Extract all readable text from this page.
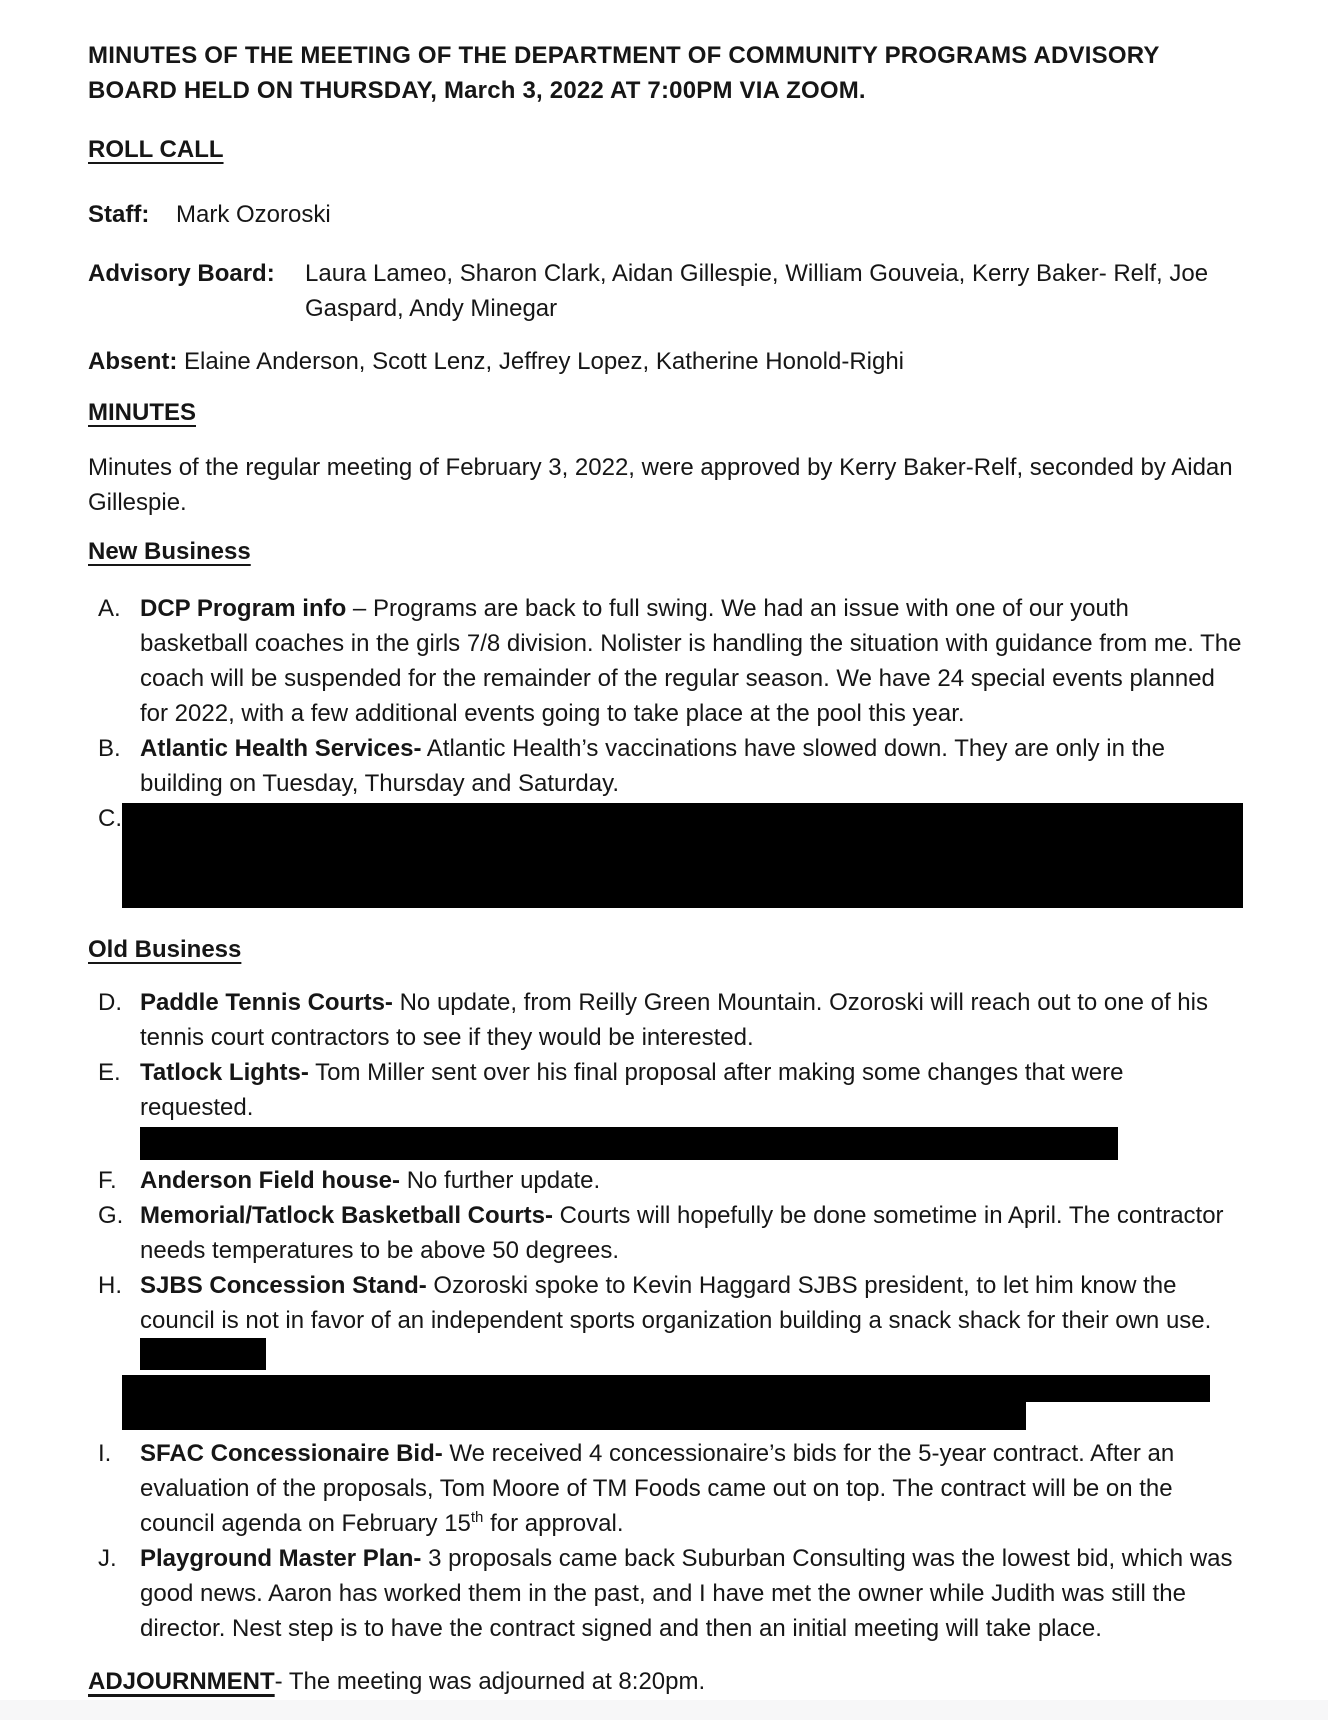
MINUTES OF THE MEETING OF THE DEPARTMENT OF COMMUNITY PROGRAMS ADVISORY BOARD HELD ON THURSDAY, March 3, 2022 AT 7:00PM VIA ZOOM.

ROLL CALL

Staff:	Mark Ozoroski
Advisory Board:	Laura Lameo, Sharon Clark, Aidan Gillespie, William Gouveia, Kerry Baker- Relf, Joe Gaspard, Andy Minegar

Absent: Elaine Anderson, Scott Lenz, Jeffrey Lopez, Katherine Honold-Righi

MINUTES

Minutes of the regular meeting of February 3, 2022, were approved by Kerry Baker-Relf, seconded by Aidan Gillespie.

New Business

A. DCP Program info – Programs are back to full swing. We had an issue with one of our youth basketball coaches in the girls 7/8 division. Nolister is handling the situation with guidance from me. The coach will be suspended for the remainder of the regular season. We have 24 special events planned for 2022, with a few additional events going to take place at the pool this year.
B. Atlantic Health Services- Atlantic Health’s vaccinations have slowed down. They are only in the building on Tuesday, Thursday and Saturday.
C.

Old Business

D. Paddle Tennis Courts- No update, from Reilly Green Mountain. Ozoroski will reach out to one of his tennis court contractors to see if they would be interested.
E. Tatlock Lights- Tom Miller sent over his final proposal after making some changes that were requested.
F. Anderson Field house- No further update.
G. Memorial/Tatlock Basketball Courts- Courts will hopefully be done sometime in April. The contractor needs temperatures to be above 50 degrees.
H. SJBS Concession Stand- Ozoroski spoke to Kevin Haggard SJBS president, to let him know the council is not in favor of an independent sports organization building a snack shack for their own use.
I.	SFAC Concessionaire Bid- We received 4 concessionaire’s bids for the 5-year contract. After an evaluation of the proposals, Tom Moore of TM Foods came out on top. The contract will be on the council agenda on February 15th for approval.
J. Playground Master Plan- 3 proposals came back Suburban Consulting was the lowest bid, which was good news. Aaron has worked them in the past, and I have met the owner while Judith was still the director. Nest step is to have the contract signed and then an initial meeting will take place.

ADJOURNMENT- The meeting was adjourned at 8:20pm.
